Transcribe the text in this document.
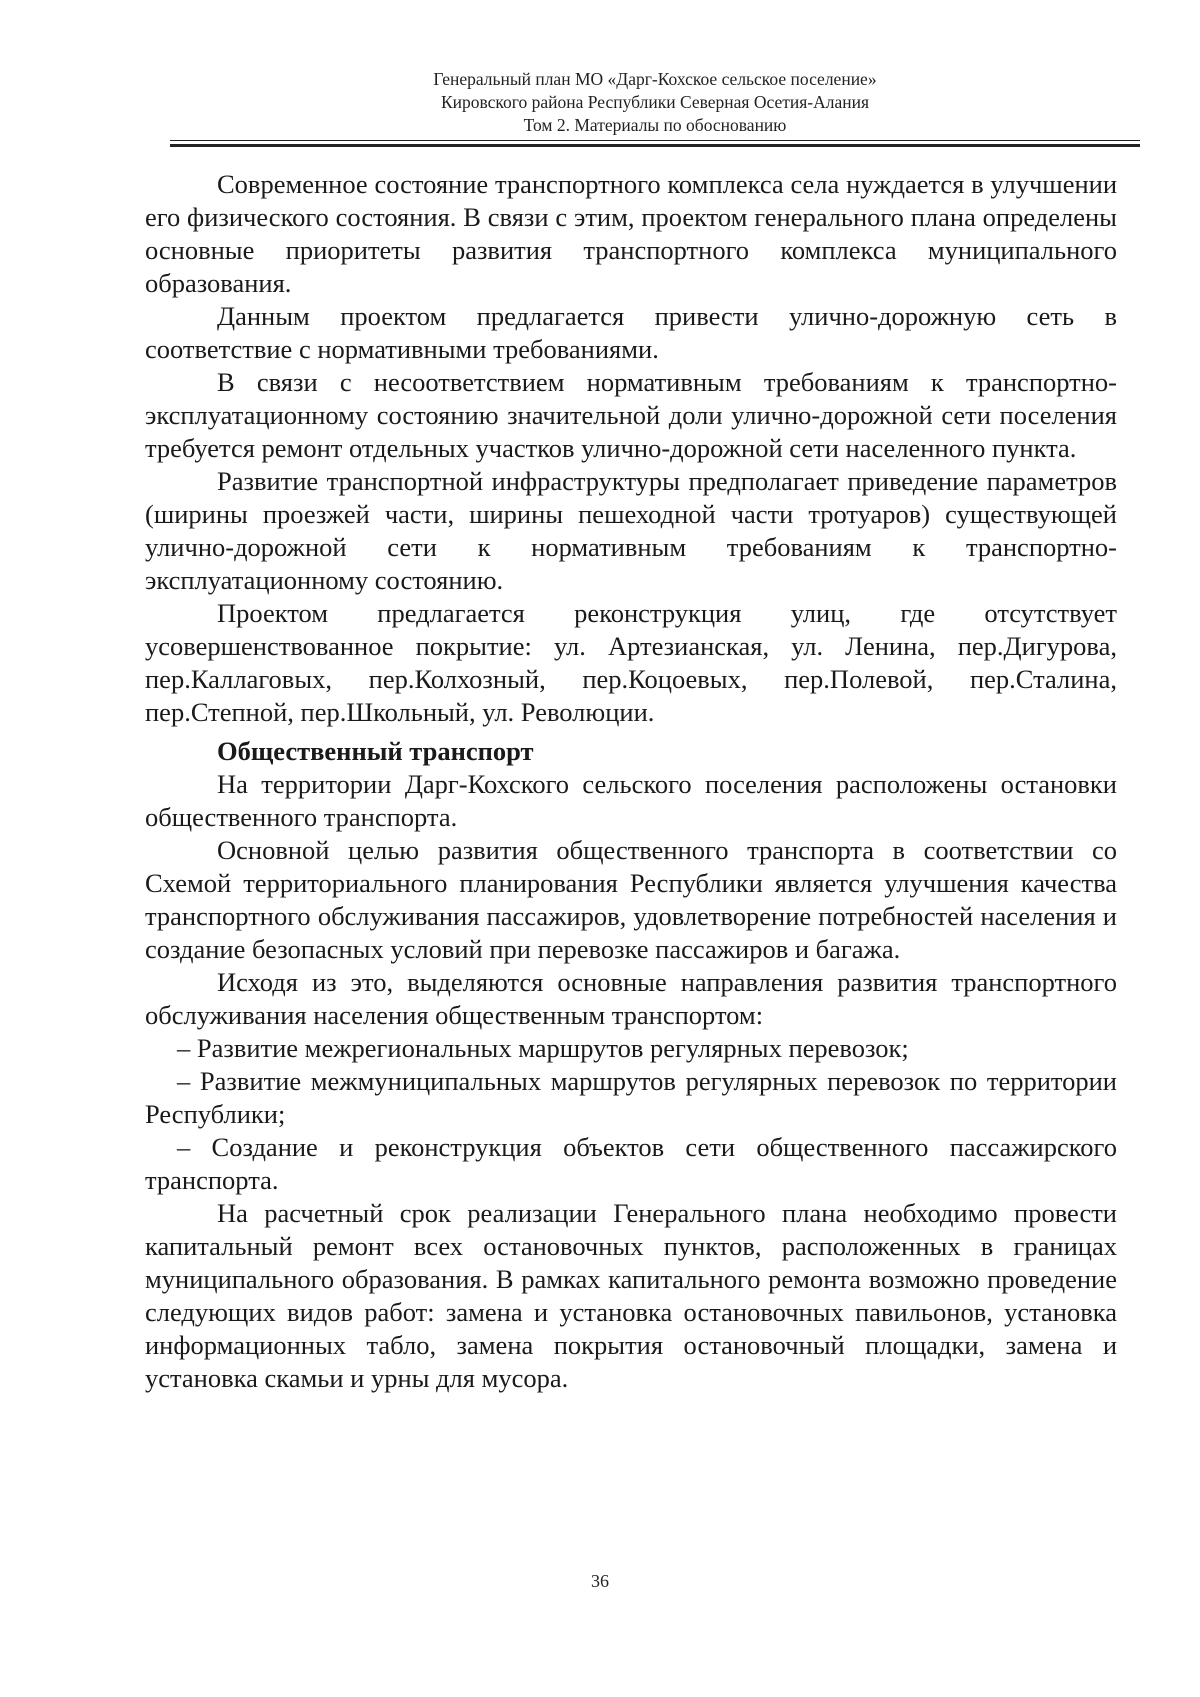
Генеральный план МО «Дарг-Кохское сельское поселение»
Кировского района Республики Северная Осетия-Алания
Том 2. Материалы по обоснованию

Современное состояние транспортного комплекса села нуждается в улучшении его физического состояния. В связи с этим, проектом генерального плана определены основные приоритеты развития транспортного комплекса муниципального образования.

Данным проектом предлагается привести улично-дорожную сеть в соответствие с нормативными требованиями.

В связи с несоответствием нормативным требованиям к транспортно-эксплуатационному состоянию значительной доли улично-дорожной сети поселения требуется ремонт отдельных участков улично-дорожной сети населенного пункта.

Развитие транспортной инфраструктуры предполагает приведение параметров (ширины проезжей части, ширины пешеходной части тротуаров) существующей улично-дорожной сети к нормативным требованиям к транспортно-эксплуатационному состоянию.

Проектом предлагается реконструкция улиц, где отсутствует усовершенствованное покрытие: ул. Артезианская, ул. Ленина, пер.Дигурова, пер.Каллаговых, пер.Колхозный, пер.Коцоевых, пер.Полевой, пер.Сталина, пер.Степной, пер.Школьный, ул. Революции.

Общественный транспорт

На территории Дарг-Кохского сельского поселения расположены остановки общественного транспорта.

Основной целью развития общественного транспорта в соответствии со Схемой территориального планирования Республики является улучшения качества транспортного обслуживания пассажиров, удовлетворение потребностей населения и создание безопасных условий при перевозке пассажиров и багажа.

Исходя из это, выделяются основные направления развития транспортного обслуживания населения общественным транспортом:

– Развитие межрегиональных маршрутов регулярных перевозок;

– Развитие межмуниципальных маршрутов регулярных перевозок по территории Республики;

– Создание и реконструкция объектов сети общественного пассажирского транспорта.

На расчетный срок реализации Генерального плана необходимо провести капитальный ремонт всех остановочных пунктов, расположенных в границах муниципального образования. В рамках капитального ремонта возможно проведение следующих видов работ: замена и установка остановочных павильонов, установка информационных табло, замена покрытия остановочный площадки, замена и установка скамьи и урны для мусора.

36
